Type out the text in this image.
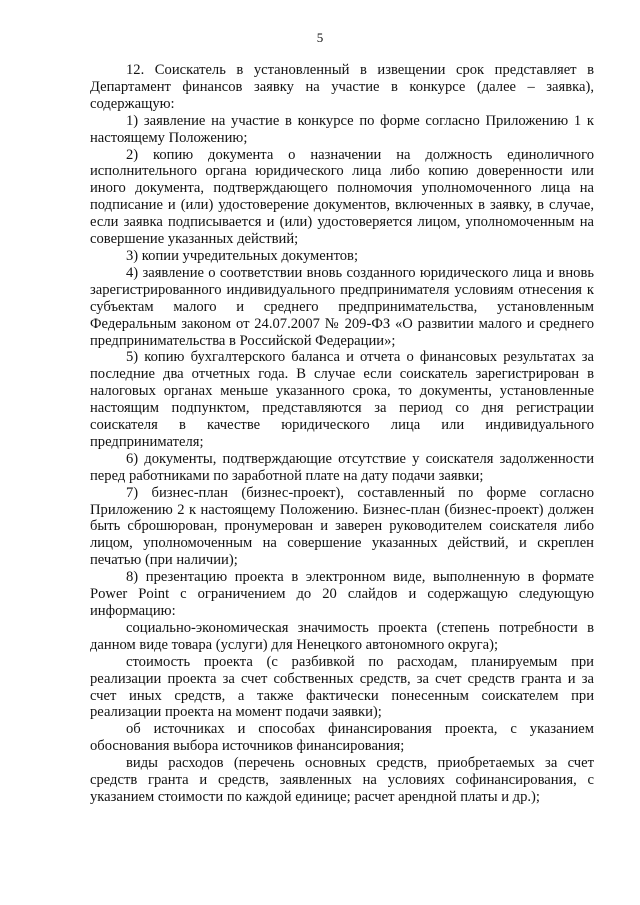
5

12. Соискатель в установленный в извещении срок представляет в Департамент финансов заявку на участие в конкурсе (далее – заявка), содержащую:

1) заявление на участие в конкурсе по форме согласно Приложению 1 к настоящему Положению;

2) копию документа о назначении на должность единоличного исполнительного органа юридического лица либо копию доверенности или иного документа, подтверждающего полномочия уполномоченного лица на подписание и (или) удостоверение документов, включенных в заявку, в случае, если заявка подписывается и (или) удостоверяется лицом, уполномоченным на совершение указанных действий;

3) копии учредительных документов;

4) заявление о соответствии вновь созданного юридического лица и вновь зарегистрированного индивидуального предпринимателя условиям отнесения к субъектам малого и среднего предпринимательства, установленным Федеральным законом от 24.07.2007 № 209-ФЗ «О развитии малого и среднего предпринимательства в Российской Федерации»;

5) копию бухгалтерского баланса и отчета о финансовых результатах за последние два отчетных года. В случае если соискатель зарегистрирован в налоговых органах меньше указанного срока, то документы, установленные настоящим подпунктом, представляются за период со дня регистрации соискателя в качестве юридического лица или индивидуального предпринимателя;

6) документы, подтверждающие отсутствие у соискателя задолженности перед работниками по заработной плате на дату подачи заявки;

7) бизнес-план (бизнес-проект), составленный по форме согласно Приложению 2 к настоящему Положению. Бизнес-план (бизнес-проект) должен быть сброшюрован, пронумерован и заверен руководителем соискателя либо лицом, уполномоченным на совершение указанных действий, и скреплен печатью (при наличии);

8) презентацию проекта в электронном виде, выполненную в формате Power Point с ограничением до 20 слайдов и содержащую следующую информацию:

социально-экономическая значимость проекта (степень потребности в данном виде товара (услуги) для Ненецкого автономного округа);

стоимость проекта (с разбивкой по расходам, планируемым при реализации проекта за счет собственных средств, за счет средств гранта и за счет иных средств, а также фактически понесенным соискателем при реализации проекта на момент подачи заявки);

об источниках и способах финансирования проекта, с указанием обоснования выбора источников финансирования;

виды расходов (перечень основных средств, приобретаемых за счет средств гранта и средств, заявленных на условиях софинансирования, с указанием стоимости по каждой единице; расчет арендной платы и др.);
